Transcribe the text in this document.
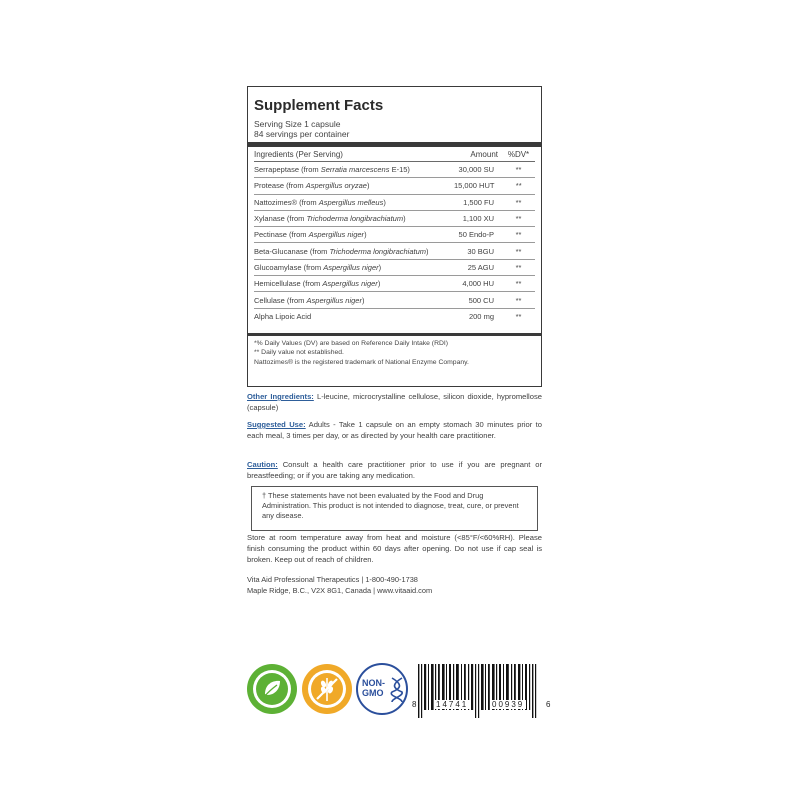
Supplement Facts
Serving Size 1 capsule
84 servings per container
Ingredients (Per Serving)	Amount	%DV*
Serrapeptase (from Serratia marcescens E-15)	30,000 SU	**
Protease (from Aspergillus oryzae)	15,000 HUT	**
Nattozimes® (from Aspergillus melleus)	1,500 FU	**
Xylanase (from Trichoderma longibrachiatum)	1,100 XU	**
Pectinase (from Aspergillus niger)	50 Endo-P	**
Beta-Glucanase (from Trichoderma longibrachiatum)	30 BGU	**
Glucoamylase (from Aspergillus niger)	25 AGU	**
Hemicellulase (from Aspergillus niger)	4,000 HU	**
Cellulase (from Aspergillus niger)	500 CU	**
Alpha Lipoic Acid	200 mg	**
*% Daily Values (DV) are based on Reference Daily Intake (RDI)
** Daily value not established.
Nattozimes® is the registered trademark of National Enzyme Company.
Other Ingredients: L-leucine, microcrystalline cellulose, silicon dioxide, hypromellose (capsule)
Suggested Use: Adults - Take 1 capsule on an empty stomach 30 minutes prior to each meal, 3 times per day, or as directed by your health care practitioner.
Caution: Consult a health care practitioner prior to use if you are pregnant or breastfeeding; or if you are taking any medication.
† These statements have not been evaluated by the Food and Drug Administration. This product is not intended to diagnose, treat, cure, or prevent any disease.
Store at room temperature away from heat and moisture (<85°F/<60%RH). Please finish consuming the product within 60 days after opening. Do not use if cap seal is broken. Keep out of reach of children.
Vita Aid Professional Therapeutics | 1-800-490-1738
Maple Ridge, B.C., V2X 8G1, Canada | www.vitaaid.com
NON-
GMO
8 14741	00939	6
